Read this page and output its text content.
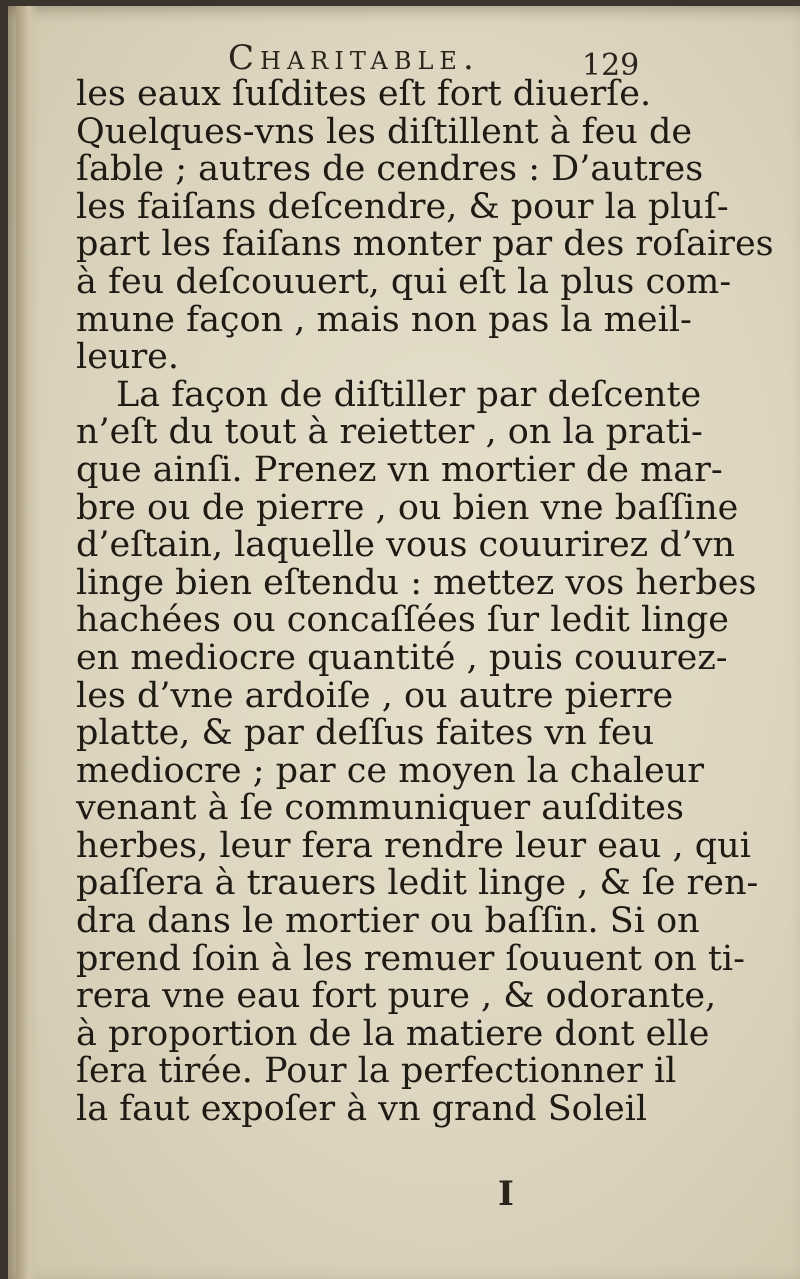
Charitable.	129
les eaux ſuſdites eſt fort diuerſe.
Quelques-vns les diſtillent à feu de
ſable ; autres de cendres : D’autres
les faiſans deſcendre, & pour la pluſ-
part les faiſans monter par des roſaires
à feu deſcouuert, qui eſt la plus com-
mune façon , mais non pas la meil-
leure.
La façon de diſtiller par deſcente
n’eſt du tout à reietter , on la prati-
que ainſi. Prenez vn mortier de mar-
bre ou de pierre , ou bien vne baſſine
d’eſtain, laquelle vous couurirez d’vn
linge bien eſtendu : mettez vos herbes
hachées ou concaſſées ſur ledit linge
en mediocre quantité , puis couurez-
les d’vne ardoiſe , ou autre pierre
platte, & par deſſus faites vn feu
mediocre ; par ce moyen la chaleur
venant à ſe communiquer auſdites
herbes, leur fera rendre leur eau , qui
paſſera à trauers ledit linge , & ſe ren-
dra dans le mortier ou baſſin. Si on
prend ſoin à les remuer ſouuent on ti-
rera vne eau fort pure , & odorante,
à proportion de la matiere dont elle
ſera tirée. Pour la perfectionner il
la faut expoſer à vn grand Soleil
I
